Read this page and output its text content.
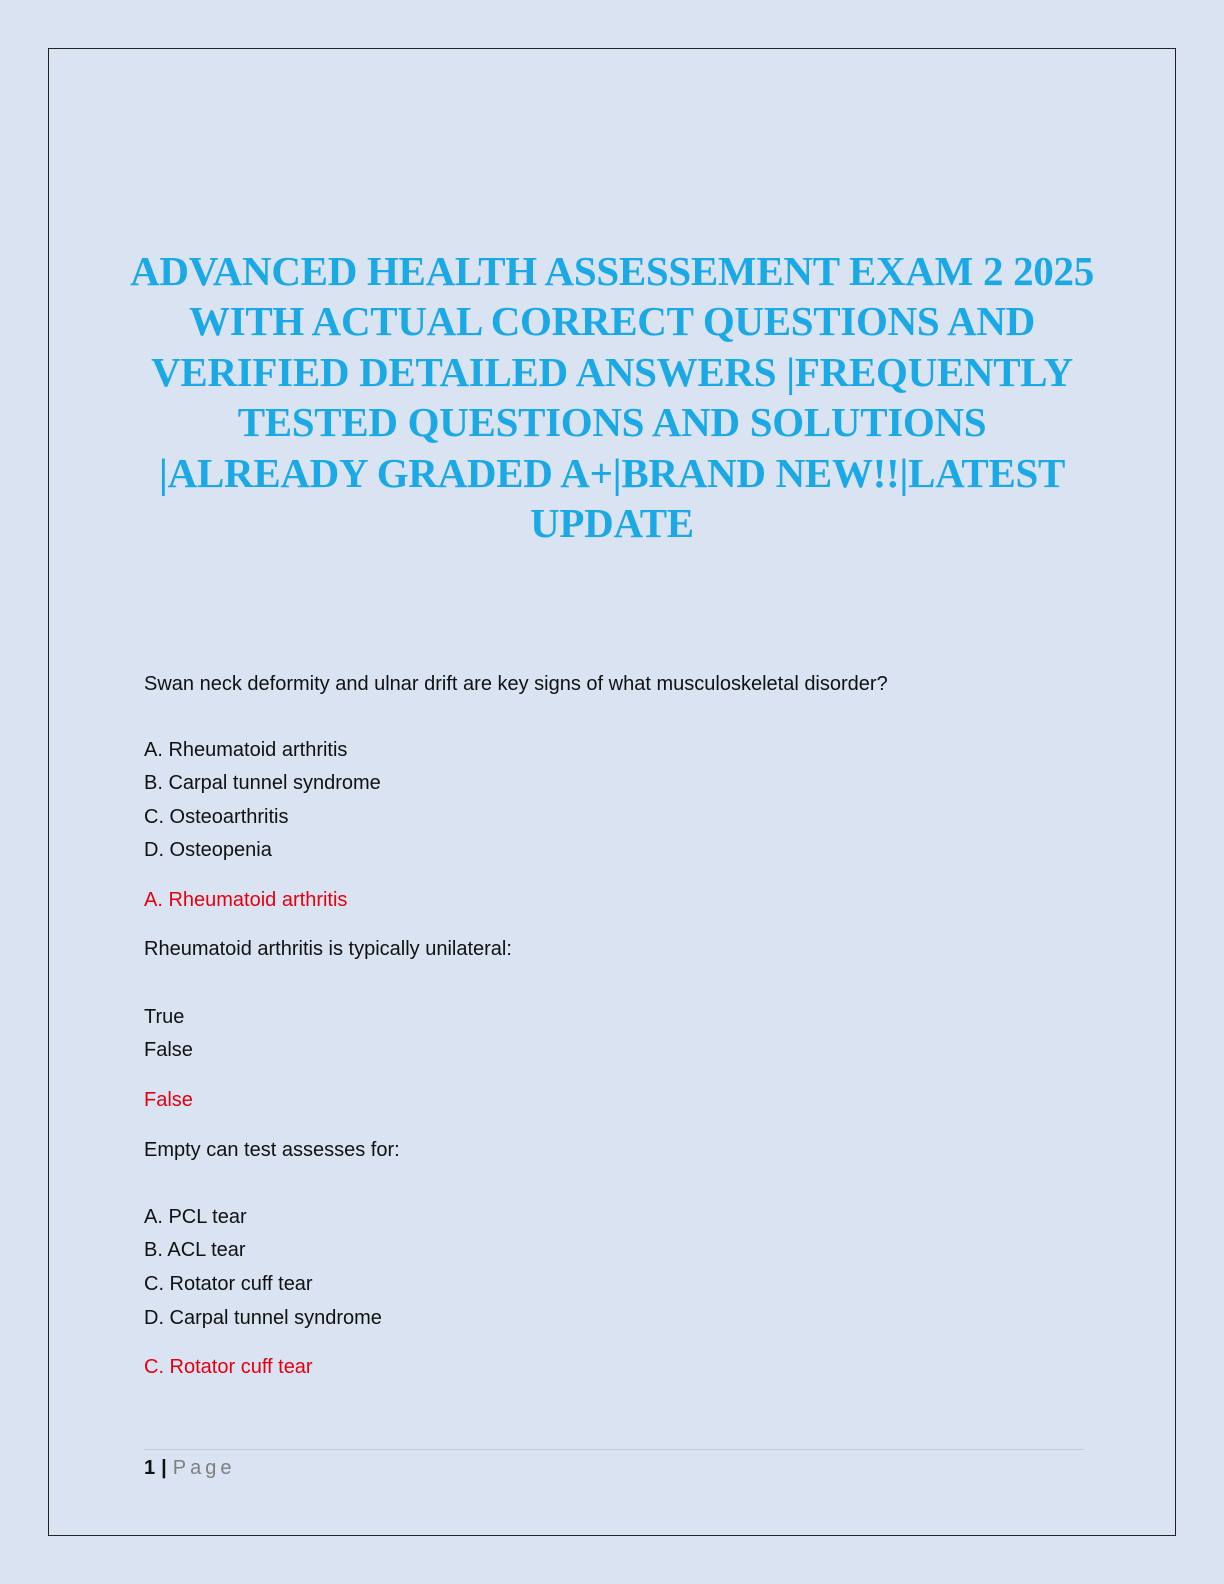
ADVANCED HEALTH ASSESSEMENT EXAM 2 2025 WITH ACTUAL CORRECT QUESTIONS AND VERIFIED DETAILED ANSWERS |FREQUENTLY TESTED QUESTIONS AND SOLUTIONS |ALREADY GRADED A+|BRAND NEW!!|LATEST UPDATE
Swan neck deformity and ulnar drift are key signs of what musculoskeletal disorder?
A. Rheumatoid arthritis
B. Carpal tunnel syndrome
C. Osteoarthritis
D. Osteopenia
A. Rheumatoid arthritis
Rheumatoid arthritis is typically unilateral:
True
False
False
Empty can test assesses for:
A. PCL tear
B. ACL tear
C. Rotator cuff tear
D. Carpal tunnel syndrome
C. Rotator cuff tear
1 | Page
